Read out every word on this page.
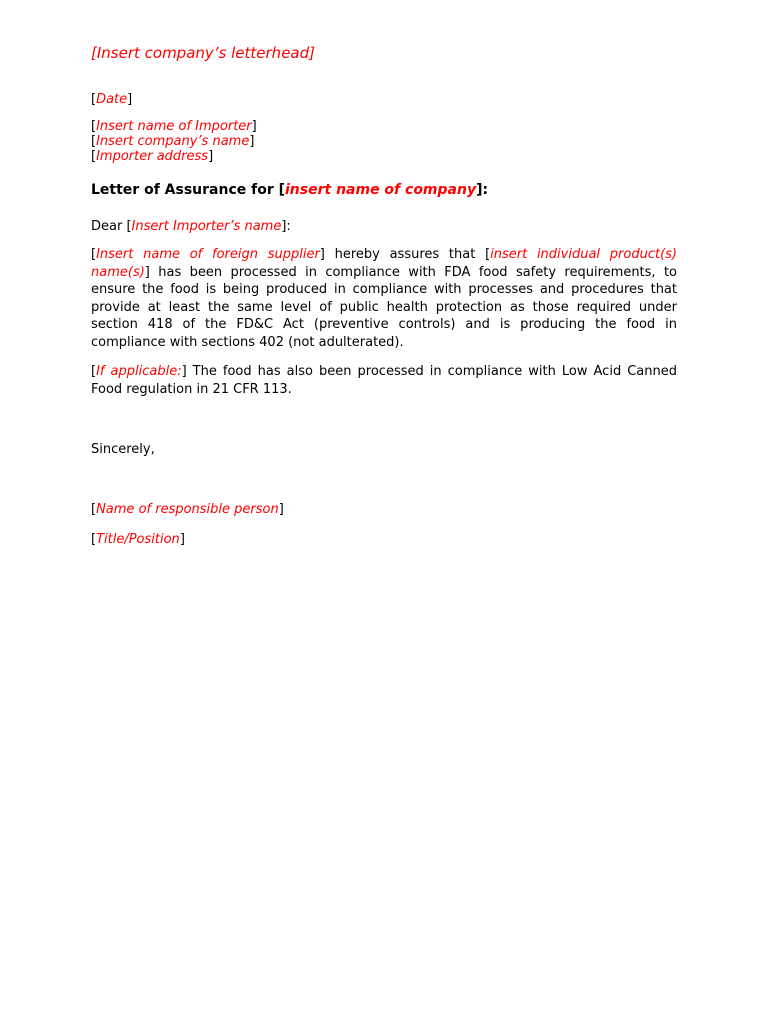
[Insert company’s letterhead]

[Date]

[Insert name of Importer]

[Insert company’s name]

[Importer address]

Letter of Assurance for [insert name of company]:

Dear [Insert Importer’s name]:

[Insert name of foreign supplier] hereby assures that [insert individual product(s) name(s)] has been processed in compliance with FDA food safety requirements, to ensure the food is being produced in compliance with processes and procedures that provide at least the same level of public health protection as those required under section 418 of the FD&C Act (preventive controls) and is producing the food in compliance with sections 402 (not adulterated).

[If applicable:] The food has also been processed in compliance with Low Acid Canned Food regulation in 21 CFR 113.

Sincerely,

[Name of responsible person]

[Title/Position]
